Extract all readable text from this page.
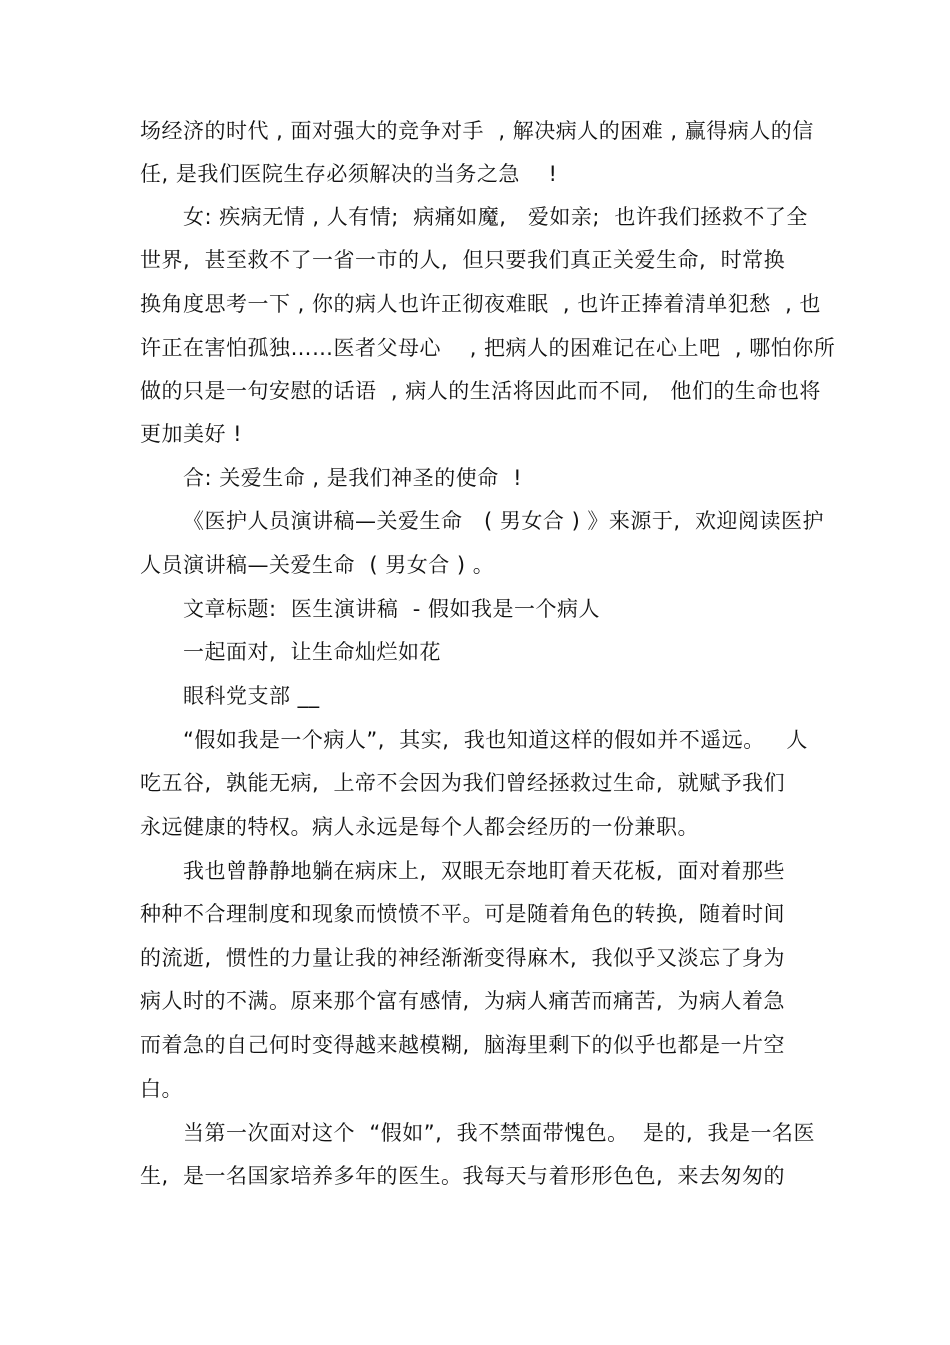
场经济的时代 , 面对强大的竞争对手  , 解决病人的困难 , 赢得病人的信
任, 是我们医院生存必须解决的当务之急    !
女: 疾病无情 , 人有情;  病痛如魔,   爱如亲;  也许我们拯救不了全
世界,  甚至救不了一省一市的人,  但只要我们真正关爱生命,  时常换
换角度思考一下 , 你的病人也许正彻夜难眠  , 也许正捧着清单犯愁  , 也
许正在害怕孤独……医者父母心    , 把病人的困难记在心上吧  , 哪怕你所
做的只是一句安慰的话语  , 病人的生活将因此而不同,   他们的生命也将
更加美好 !
合: 关爱生命 , 是我们神圣的使命  !
《医护人员演讲稿—关爱生命   ( 男女合 ) 》来源于,  欢迎阅读医护
人员演讲稿—关爱生命  ( 男女合 ) 。
文章标题:  医生演讲稿  - 假如我是一个病人
一起面对,  让生命灿烂如花
眼科党支部 __
“假如我是一个病人”,  其实,  我也知道这样的假如并不遥远。   人
吃五谷,  孰能无病,  上帝不会因为我们曾经拯救过生命,  就赋予我们
永远健康的特权。病人永远是每个人都会经历的一份兼职。
我也曾静静地躺在病床上,  双眼无奈地盯着天花板,  面对着那些
种种不合理制度和现象而愤愤不平。可是随着角色的转换,  随着时间
的流逝,  惯性的力量让我的神经渐渐变得麻木,  我似乎又淡忘了身为
病人时的不满。原来那个富有感情,  为病人痛苦而痛苦,  为病人着急
而着急的自己何时变得越来越模糊,  脑海里剩下的似乎也都是一片空
白。
当第一次面对这个  “假如”,  我不禁面带愧色。  是的,  我是一名医
生,  是一名国家培养多年的医生。我每天与着形形色色,  来去匆匆的
